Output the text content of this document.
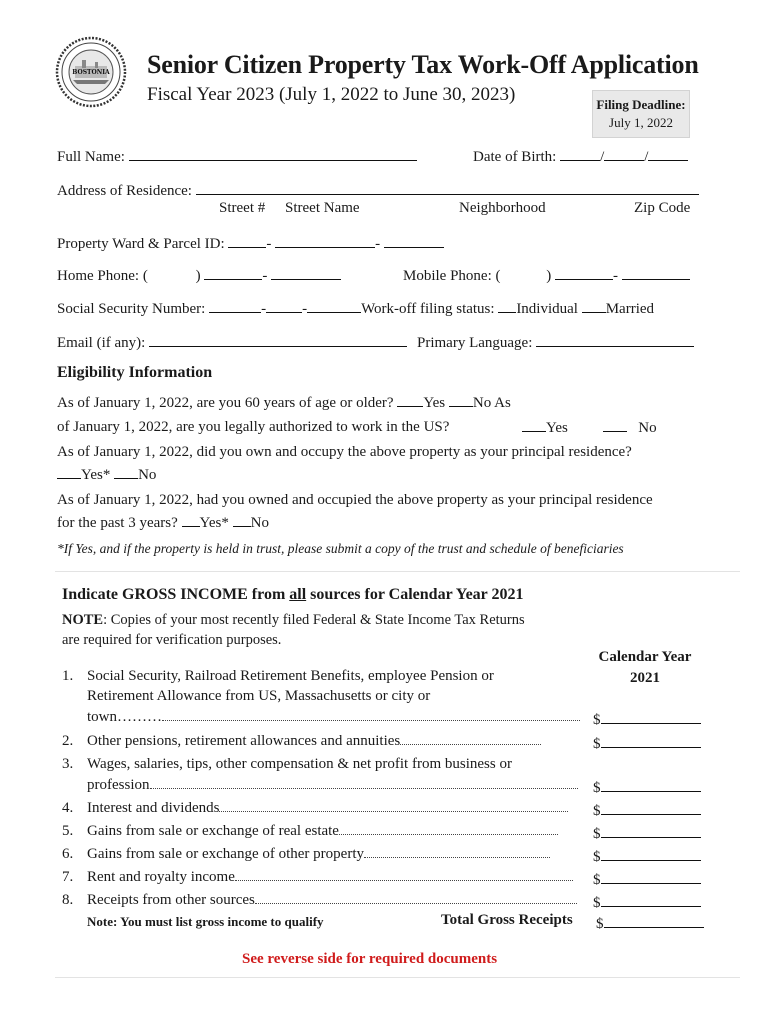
BOSTONIA Senior Citizen Property Tax Work-Off Application
Fiscal Year 2023 (July 1, 2022 to June 30, 2023)	Filing Deadline:
July 1, 2022
Full Name:	Date of Birth:	/	/
Address of Residence:
Street # Street Name	Neighborhood	Zip Code
Property Ward & Parcel ID:	-	-
Home Phone: (	)	-	Mobile Phone: (	)	-
Social Security Number:	- -	Work-off filing status: Individual Married
Email (if any):	Primary Language:
Eligibility Information
As of January 1, 2022, are you 60 years of age or older? Yes No As
of January 1, 2022, are you legally authorized to work in the US?	Yes	No
As of January 1, 2022, did you own and occupy the above property as your principal residence?
Yes* No
As of January 1, 2022, had you owned and occupied the above property as your principal residence
for the past 3 years? Yes* No
*If Yes, and if the property is held in trust, please submit a copy of the trust and schedule of beneficiaries
Indicate GROSS INCOME from all sources for Calendar Year 2021
NOTE: Copies of your most recently filed Federal & State Income Tax Returns
are required for verification purposes.
Calendar Year
2021
1. Social Security, Railroad Retirement Benefits, employee Pension or
Retirement Allowance from US, Massachusetts or city or
town………	$
2. Other pensions, retirement allowances and annuities	$
3. Wages, salaries, tips, other compensation & net profit from business or
profession	$
4. Interest and dividends	$
5. Gains from sale or exchange of real estate	$
6. Gains from sale or exchange of other property	$
7. Rent and royalty income	$
8. Receipts from other sources	$
Note: You must list gross income to qualify	Total Gross Receipts $
See reverse side for required documents
